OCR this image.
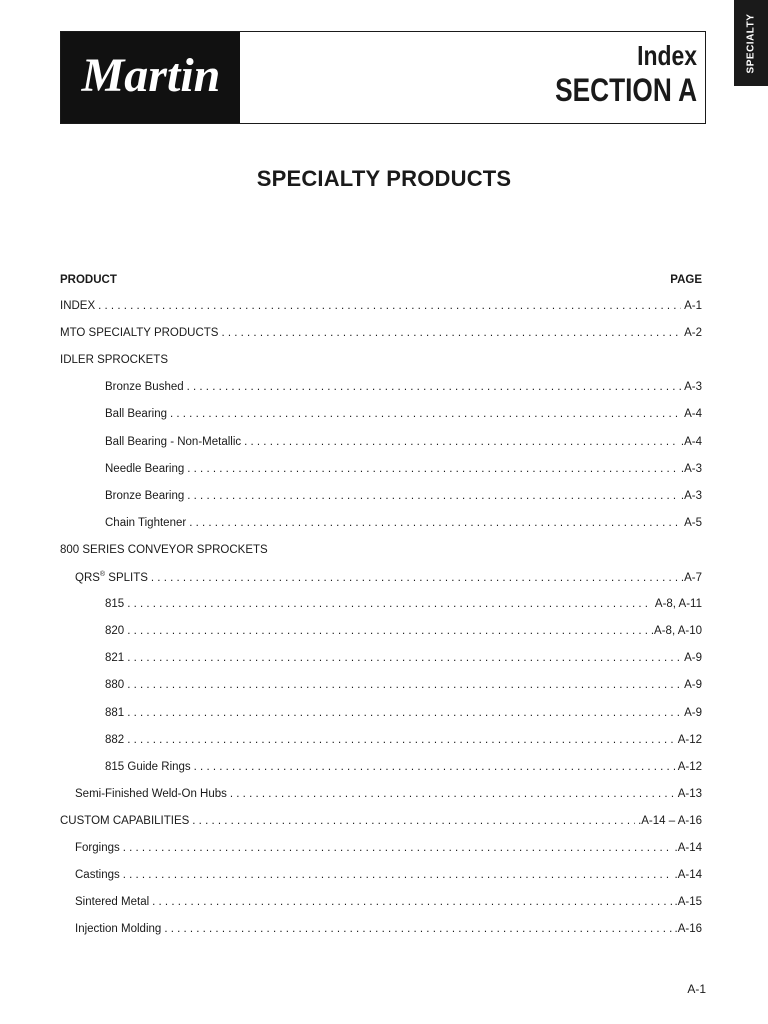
SPECIALTY
Martin	Index
SECTION A
SPECIALTY PRODUCTS
PRODUCT	PAGE
INDEX . . .	A-1
MTO SPECIALTY PRODUCTS . . .	A-2
IDLER SPROCKETS
Bronze Bushed . . .	A-3
Ball Bearing . . .	A-4
Ball Bearing - Non-Metallic . . .	.A-4
Needle Bearing . . .	.A-3
Bronze Bearing . . .	.A-3
Chain Tightener . . .	A-5
800 SERIES CONVEYOR SPROCKETS
QRS® SPLITS . . .	.A-7
815 . . .	A-8, A-11
820 . . .	.A-8, A-10
821 . . .	A-9
880 . . .	A-9
881 . . .	A-9
882 . . .	A-12
815 Guide Rings . . .	A-12
Semi-Finished Weld-On Hubs . . .	A-13
CUSTOM CAPABILITIES . . .	.A-14 – A-16
Forgings . . .	.A-14
Castings . . .	.A-14
Sintered Metal . . .	.A-15
Injection Molding . . .	.A-16
A-1
